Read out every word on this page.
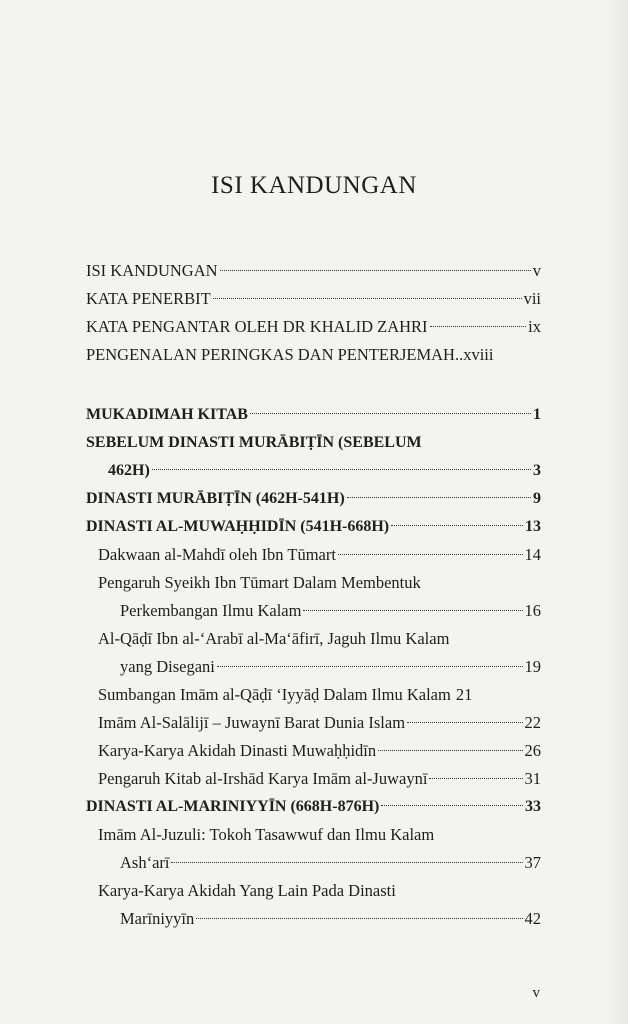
ISI KANDUNGAN
ISI KANDUNGAN	v
KATA PENERBIT	vii
KATA PENGANTAR OLEH DR KHALID ZAHRI	ix
PENGENALAN PERINGKAS DAN PENTERJEMAH..xviii
MUKADIMAH KITAB	1
SEBELUM DINASTI MURĀBIṬĪN (SEBELUM
462H)	3
DINASTI MURĀBIṬĪN (462H-541H)	9
DINASTI AL-MUWAḤḤIDĪN (541H-668H)	13
Dakwaan al-Mahdī oleh Ibn Tūmart	14
Pengaruh Syeikh Ibn Tūmart Dalam Membentuk
Perkembangan Ilmu Kalam	16
Al-Qāḍī Ibn al-ʻArabī al-Maʻāfirī, Jaguh Ilmu Kalam
yang Disegani	19
Sumbangan Imām al-Qāḍī ʻIyyāḍ Dalam Ilmu Kalam 21
Imām Al-Salālijī – Juwaynī Barat Dunia Islam	22
Karya-Karya Akidah Dinasti Muwaḥḥidīn	26
Pengaruh Kitab al-Irshād Karya Imām al-Juwaynī	31
DINASTI AL-MARINIYYĪN (668H-876H)	33
Imām Al-Juzuli: Tokoh Tasawwuf dan Ilmu Kalam
Ashʻarī	37
Karya-Karya Akidah Yang Lain Pada Dinasti
Marīniyyīn	42
v
